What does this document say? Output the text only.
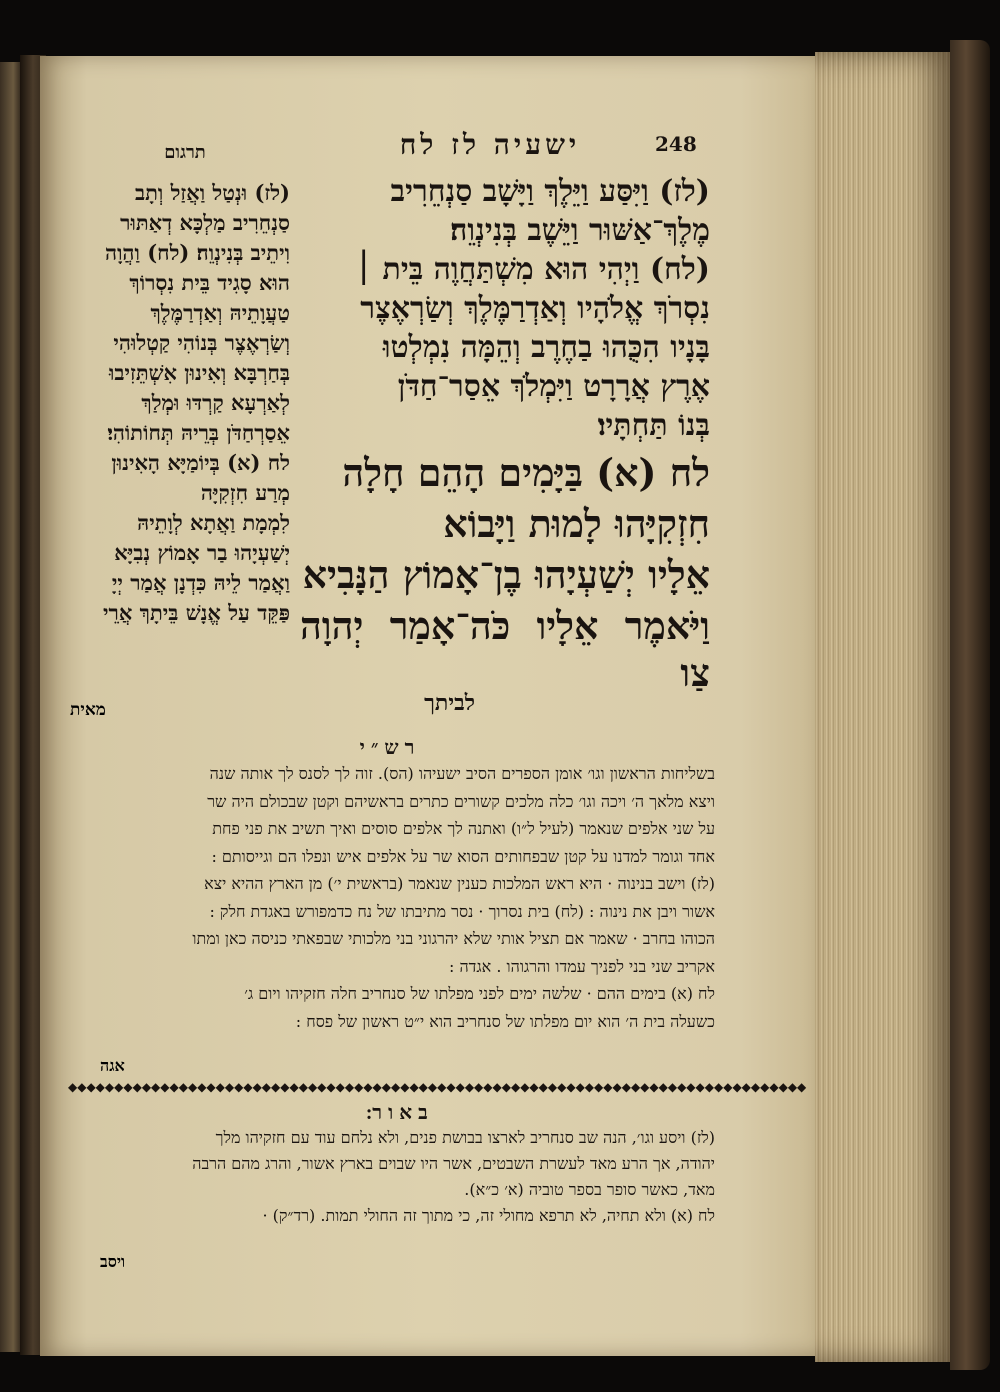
248
ישעיה לז לח
תרגום

(לז) וַיִּסַּע וַיֵּלֶךְ וַיָּשָׁב סַנְחֵרִיב

מֶלֶךְ־אַשּׁוּר וַיֵּשֶׁב בְּנִינְוֵה׃

(לח) וַיְהִי הוּא מִשְׁתַּחֲוֶה בֵּית ׀

נִסְרֹךְ אֱלֹהָיו וְאַדְרַמֶּלֶךְ וְשַׂרְאֶצֶר

בָּנָיו הִכֻּהוּ בַחֶרֶב וְהֵמָּה נִמְלְטוּ

אֶרֶץ אֲרָרָט וַיִּמְלֹךְ אֵסַר־חַדֹּן

בְּנוֹ תַּחְתָּיו׃

לח (א) בַּיָּמִים הָהֵם חָלָה

חִזְקִיָּהוּ לָמוּת וַיָּבוֹא

אֵלָיו יְשַׁעְיָהוּ בֶן־אָמוֹץ הַנָּבִיא

וַיֹּאמֶר אֵלָיו כֹּה־אָמַר יְהוָה צַו

לביתך
(לז) וּנְטַל וַאֲזַל וְתָב
סַנְחֵרִיב מַלְכָּא דְאַתּוּר
וִיתֵיב בְּנִינְוֵה׃ (לח) וַהֲוָה
הוּא סָגִיד בֵּית נִסְרוֹךְ
טַעֲוָתֵיהּ וְאַדְרַמֶּלֶךְ
וְשַׂרְאֶצֶר בְּנוֹהִי קַטְלוּהִי
בְּחַרְבָּא וְאִינוּן אִשְׁתֵּזִיבוּ
לְאַרְעָא קַרְדּוּ וּמְלַךְ
אֵסַרְחַדֹּן בְּרֵיהּ תְּחוֹתוֹהִי׃
לח (א) בְּיוֹמַיָּא הָאִינוּן
מְרַע חִזְקִיָּה
לִמְמָת וַאֲתָא לְוָתֵיהּ
יְשַׁעְיָהוּ בַר אָמוֹץ נְבִיָּא
וַאֲמַר לֵיהּ כִּדְנָן אֲמַר יְיָ
פַּקֵּד עַל אֱנָשׁ בֵּיתָךְ אֲרֵי
מאית
רש״י

בשליחות הראשון וגו׳ אומן הספרים הסיב ישעיהו (הס). זוה לך לסנס לך אותה שנה

ויצא מלאך ה׳ ויכה וגו׳ כלה מלכים קשורים כתרים בראשיהם וקטן שבכולם היה שר

על שני אלפים שנאמר (לעיל ל״ו) ואתנה לך אלפים סוסים ואיך תשיב את פני פחת

אחד וגומר למדנו על קטן שבפחותים הסוא שר על אלפים איש ונפלו הם וגייסותם :

(לז) וישב בנינוה · היא ראש המלכות כענין שנאמר (בראשית י׳) מן הארץ ההיא יצא

אשור ויבן את נינוה : (לח) בית נסרוך · נסר מתיבתו של נח כדמפורש באגדת חלק :

הכוהו בחרב · שאמר אם תציל אותי שלא יהרגוני בני מלכותי שבפאתי כניסה כאן ומתו

אקריב שני בני לפניך עמדו והרגוהו . אגדה :

לח (א) בימים ההם · שלשה ימים לפני מפלתו של סנחריב חלה חזקיהו ויום ג׳

כשעלה בית ה׳ הוא יום מפלתו של סנחריב הוא י״ט ראשון של פסח :

אגה
◆◆◆◆◆◆◆◆◆◆◆◆◆◆◆◆◆◆◆◆◆◆◆◆◆◆◆◆◆◆◆◆◆◆◆◆◆◆◆◆◆◆◆◆◆◆◆◆◆◆◆◆◆◆◆◆◆◆◆◆◆◆◆◆◆◆◆◆◆◆◆◆◆◆◆◆◆◆◆◆
באור׃

(לז) ויסע וגו׳, הנה שב סנחריב לארצו בבושת פנים, ולא נלחם עוד עם חזקיהו מלך

יהודה, אך הרע מאד לעשרת השבטים, אשר היו שבוים בארץ אשור, והרג מהם הרבה

מאד, כאשר סופר בספר טוביה (א׳ כ״א).

לח (א) ולא תחיה, לא תרפא מחולי זה, כי מתוך זה החולי תמות. (רד״ק) ·

ויסב
